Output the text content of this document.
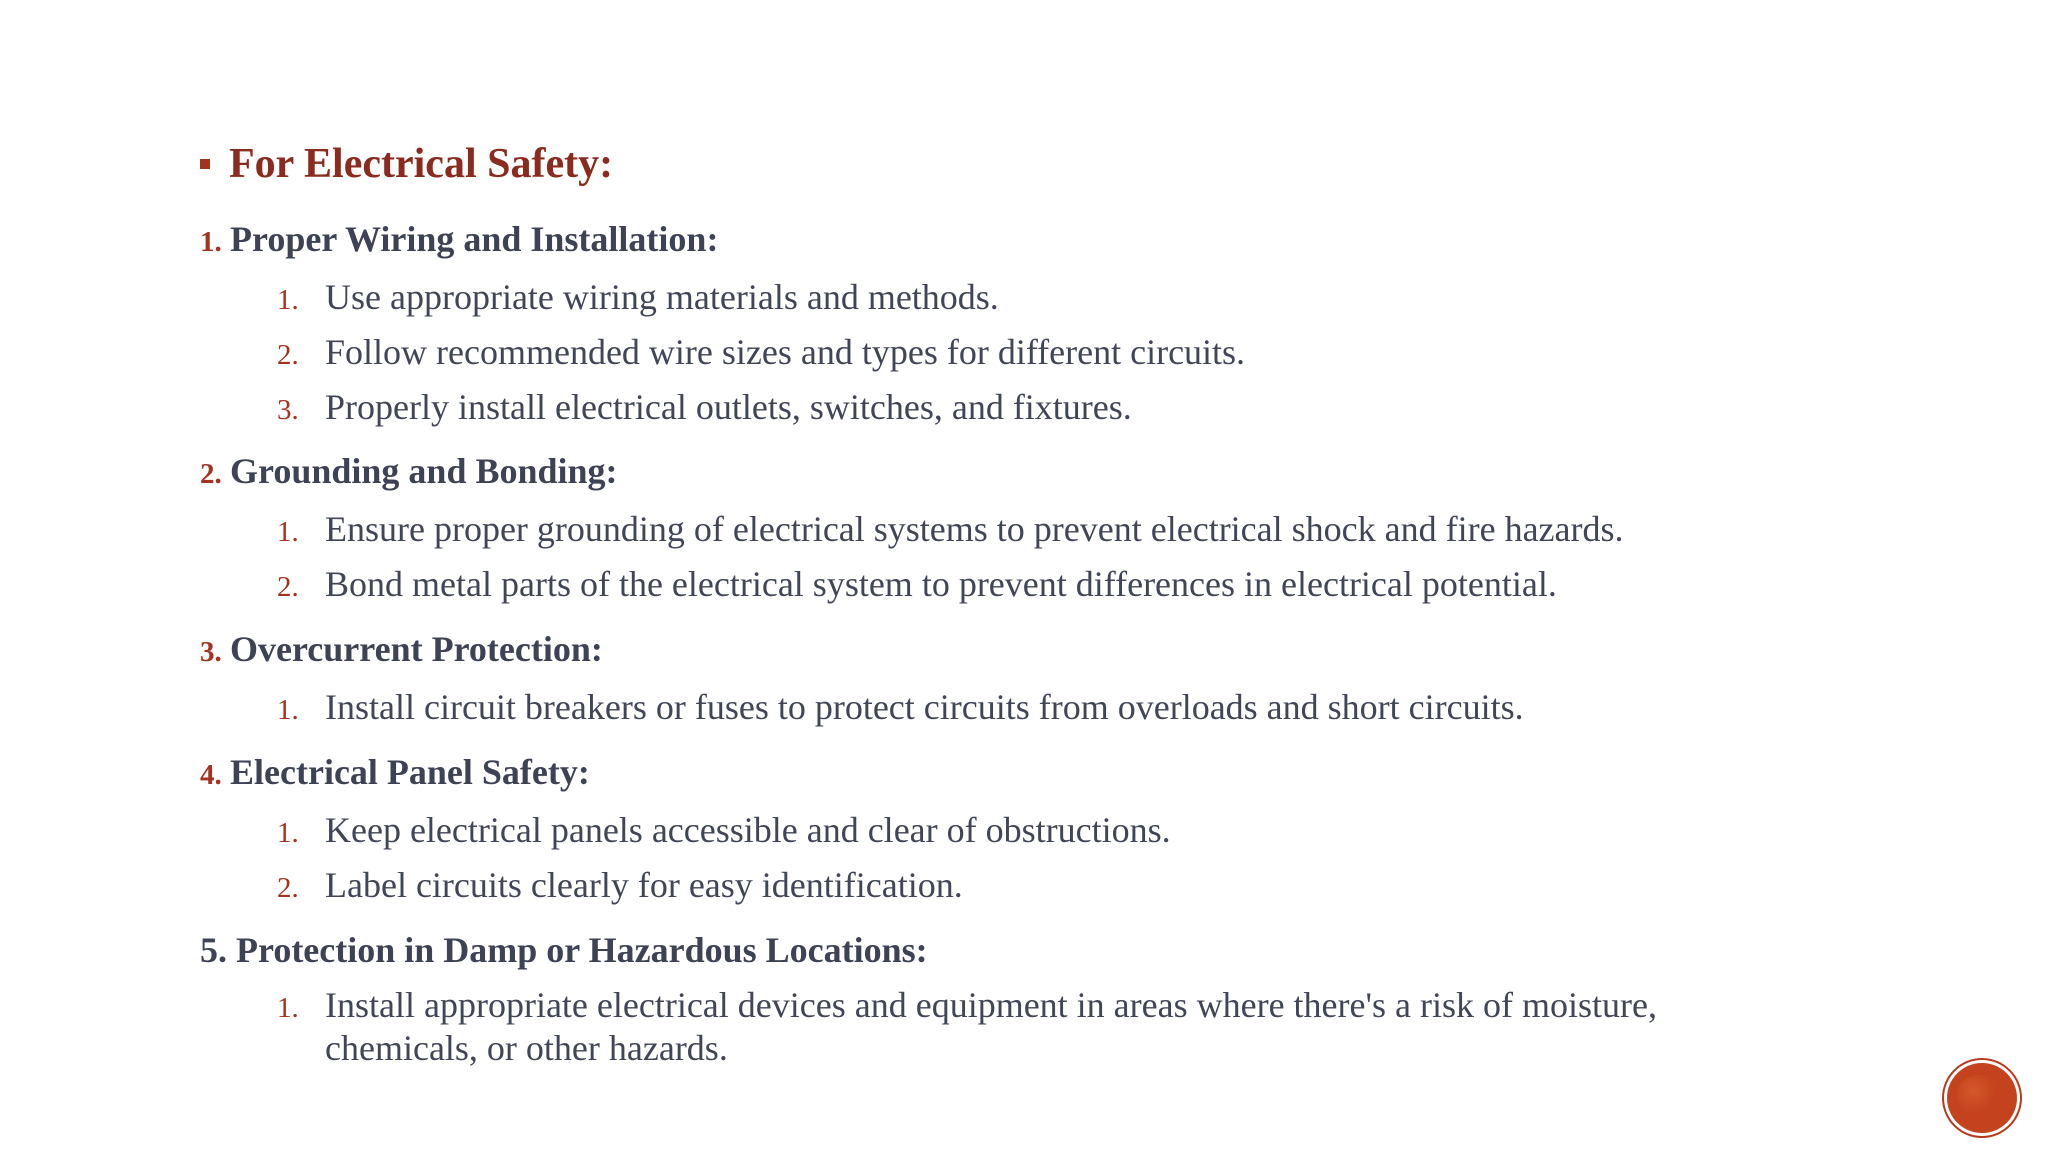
For Electrical Safety:
1. Proper Wiring and Installation:
1. Use appropriate wiring materials and methods.
2. Follow recommended wire sizes and types for different circuits.
3. Properly install electrical outlets, switches, and fixtures.
2. Grounding and Bonding:
1. Ensure proper grounding of electrical systems to prevent electrical shock and fire hazards.
2. Bond metal parts of the electrical system to prevent differences in electrical potential.
3. Overcurrent Protection:
1. Install circuit breakers or fuses to protect circuits from overloads and short circuits.
4. Electrical Panel Safety:
1. Keep electrical panels accessible and clear of obstructions.
2. Label circuits clearly for easy identification.
5. Protection in Damp or Hazardous Locations:
1. Install appropriate electrical devices and equipment in areas where there's a risk of moisture, chemicals, or other hazards.
